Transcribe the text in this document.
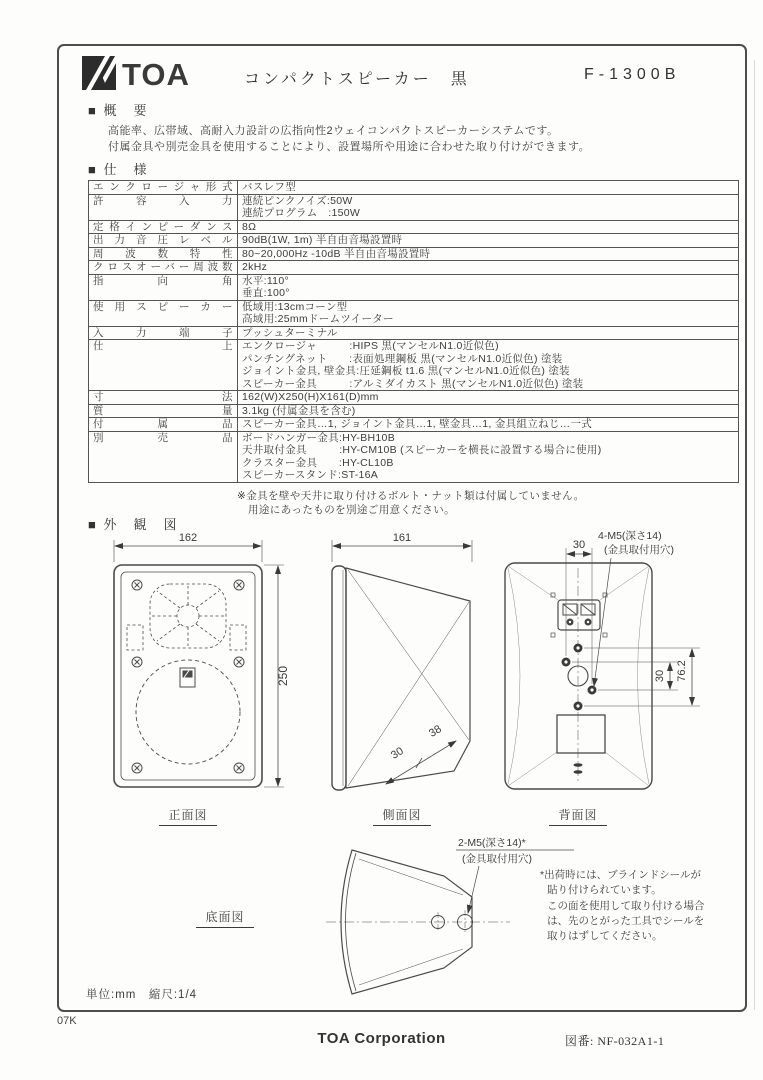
TOA	コンパクトスピーカー　黒	F-1300B
■ 概　要
高能率、広帯域、高耐入力設計の広指向性2ウェイコンパクトスピーカーシステムです。
付属金具や別売金具を使用することにより、設置場所や用途に合わせた取り付けができます。
■ 仕　様
エンクロージャ形式	バスレフ型

許容入力	連続ピンクノイズ:50W
連続プログラム　:150W

定格インピーダンス	8Ω

出力音圧レベル	90dB(1W, 1m) 半自由音場設置時

周波数特性	80~20,000Hz -10dB 半自由音場設置時

クロスオーバー周波数	2kHz

指向角	水平:110°
垂直:100°

使用スピーカー	低域用:13cmコーン型
高域用:25mmドームツイーター

入力端子	プッシュターミナル

仕上	エンクロージャ　　　:HIPS 黒(マンセルN1.0近似色)
パンチングネット　　:表面処理鋼板 黒(マンセルN1.0近似色) 塗装
ジョイント金具, 壁金具:圧延鋼板 t1.6 黒(マンセルN1.0近似色) 塗装
スピーカー金具　　　:アルミダイカスト 黒(マンセルN1.0近似色) 塗装

寸法	162(W)X250(H)X161(D)mm

質量	3.1kg (付属金具を含む)

付属品	スピーカー金具…1, ジョイント金具…1, 壁金具…1, 金具組立ねじ…一式

別売品	ボードハンガー金具:HY-BH10B
天井取付金具　　　:HY-CM10B (スピーカーを横長に設置する場合に使用)
クラスター金具　　:HY-CL10B
スピーカースタンド:ST-16A
※金具を壁や天井に取り付けるボルト・ナット類は付属していません。
用途にあったものを別途ご用意ください。
■ 外　観　図
162
250
161
30
38
30
4-M5(深さ14)
(金具取付用穴)
30 76.2
2-M5(深さ14)*
(金具取付用穴)
正面図	側面図	背面図
底面図
*出荷時には、ブラインドシールが
貼り付けられています。
この面を使用して取り付ける場合
は、先のとがった工具でシールを
取りはずしてください。
単位:mm　縮尺:1/4
07K
TOA Corporation	図番: NF-032A1-1
